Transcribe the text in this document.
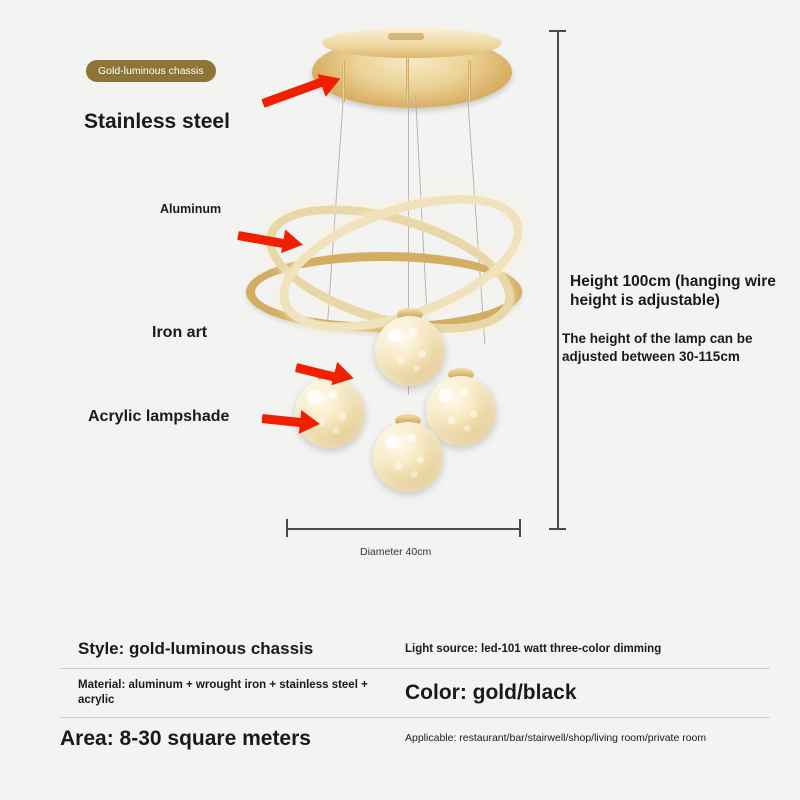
Gold-luminous chassis
Stainless steel
Aluminum
Iron art
Acrylic lampshade
Height 100cm (hanging wire height is adjustable)
The height of the lamp can be adjusted between 30-115cm
Diameter 40cm
Style: gold-luminous chassis	Light source: led-101 watt three-color dimming
Material: aluminum + wrought iron + stainless steel + acrylic	Color: gold/black
Area: 8-30 square meters	Applicable: restaurant/bar/stairwell/shop/living room/private room
